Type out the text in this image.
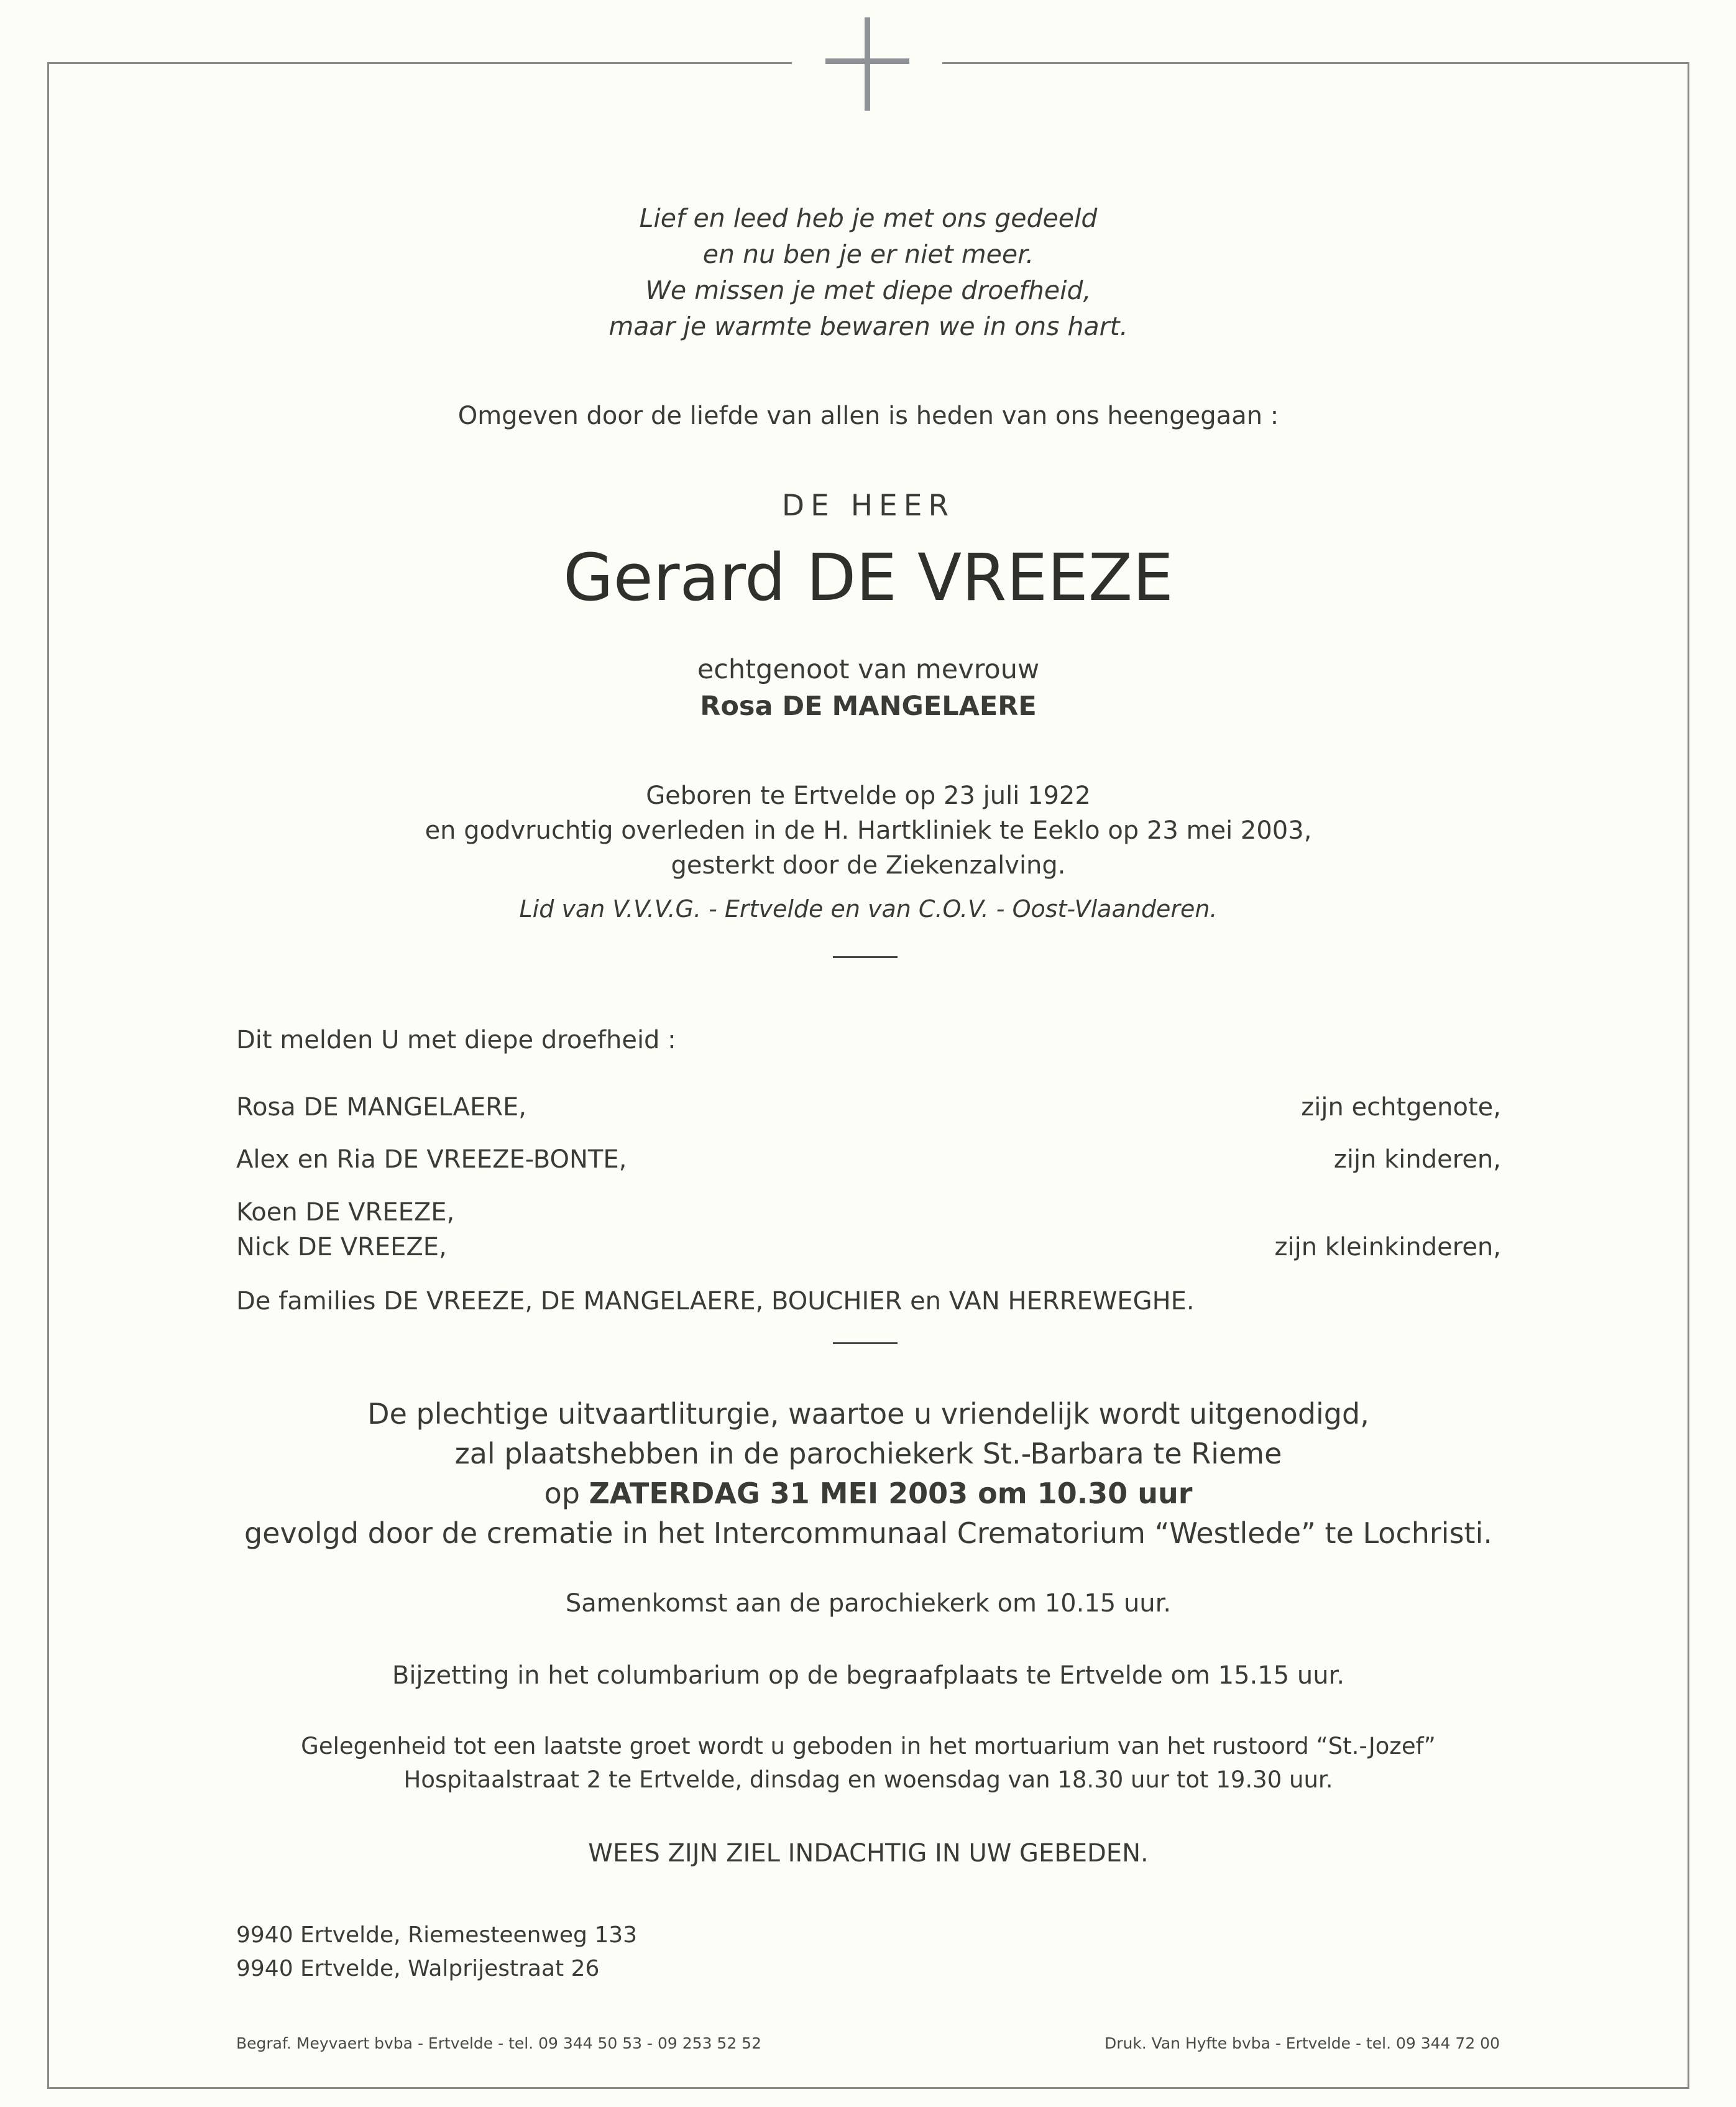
Lief en leed heb je met ons gedeeld
en nu ben je er niet meer.
We missen je met diepe droefheid,
maar je warmte bewaren we in ons hart.
Omgeven door de liefde van allen is heden van ons heengegaan :
DE HEER
Gerard DE VREEZE
echtgenoot van mevrouw
Rosa DE MANGELAERE
Geboren te Ertvelde op 23 juli 1922
en godvruchtig overleden in de H. Hartkliniek te Eeklo op 23 mei 2003,
gesterkt door de Ziekenzalving.
Lid van V.V.V.G. - Ertvelde en van C.O.V. - Oost-Vlaanderen.
Dit melden U met diepe droefheid :
Rosa DE MANGELAERE,	zijn echtgenote,
Alex en Ria DE VREEZE-BONTE,	zijn kinderen,
Koen DE VREEZE,
Nick DE VREEZE,	zijn kleinkinderen,
De families DE VREEZE, DE MANGELAERE, BOUCHIER en VAN HERREWEGHE.
De plechtige uitvaartliturgie, waartoe u vriendelijk wordt uitgenodigd,
zal plaatshebben in de parochiekerk St.-Barbara te Rieme
op ZATERDAG 31 MEI 2003 om 10.30 uur
gevolgd door de crematie in het Intercommunaal Crematorium “Westlede” te Lochristi.
Samenkomst aan de parochiekerk om 10.15 uur.
Bijzetting in het columbarium op de begraafplaats te Ertvelde om 15.15 uur.
Gelegenheid tot een laatste groet wordt u geboden in het mortuarium van het rustoord “St.-Jozef”
Hospitaalstraat 2 te Ertvelde, dinsdag en woensdag van 18.30 uur tot 19.30 uur.
WEES ZIJN ZIEL INDACHTIG IN UW GEBEDEN.
9940 Ertvelde, Riemesteenweg 133
9940 Ertvelde, Walprijestraat 26
Begraf. Meyvaert bvba - Ertvelde - tel. 09 344 50 53 - 09 253 52 52	Druk. Van Hyfte bvba - Ertvelde - tel. 09 344 72 00
